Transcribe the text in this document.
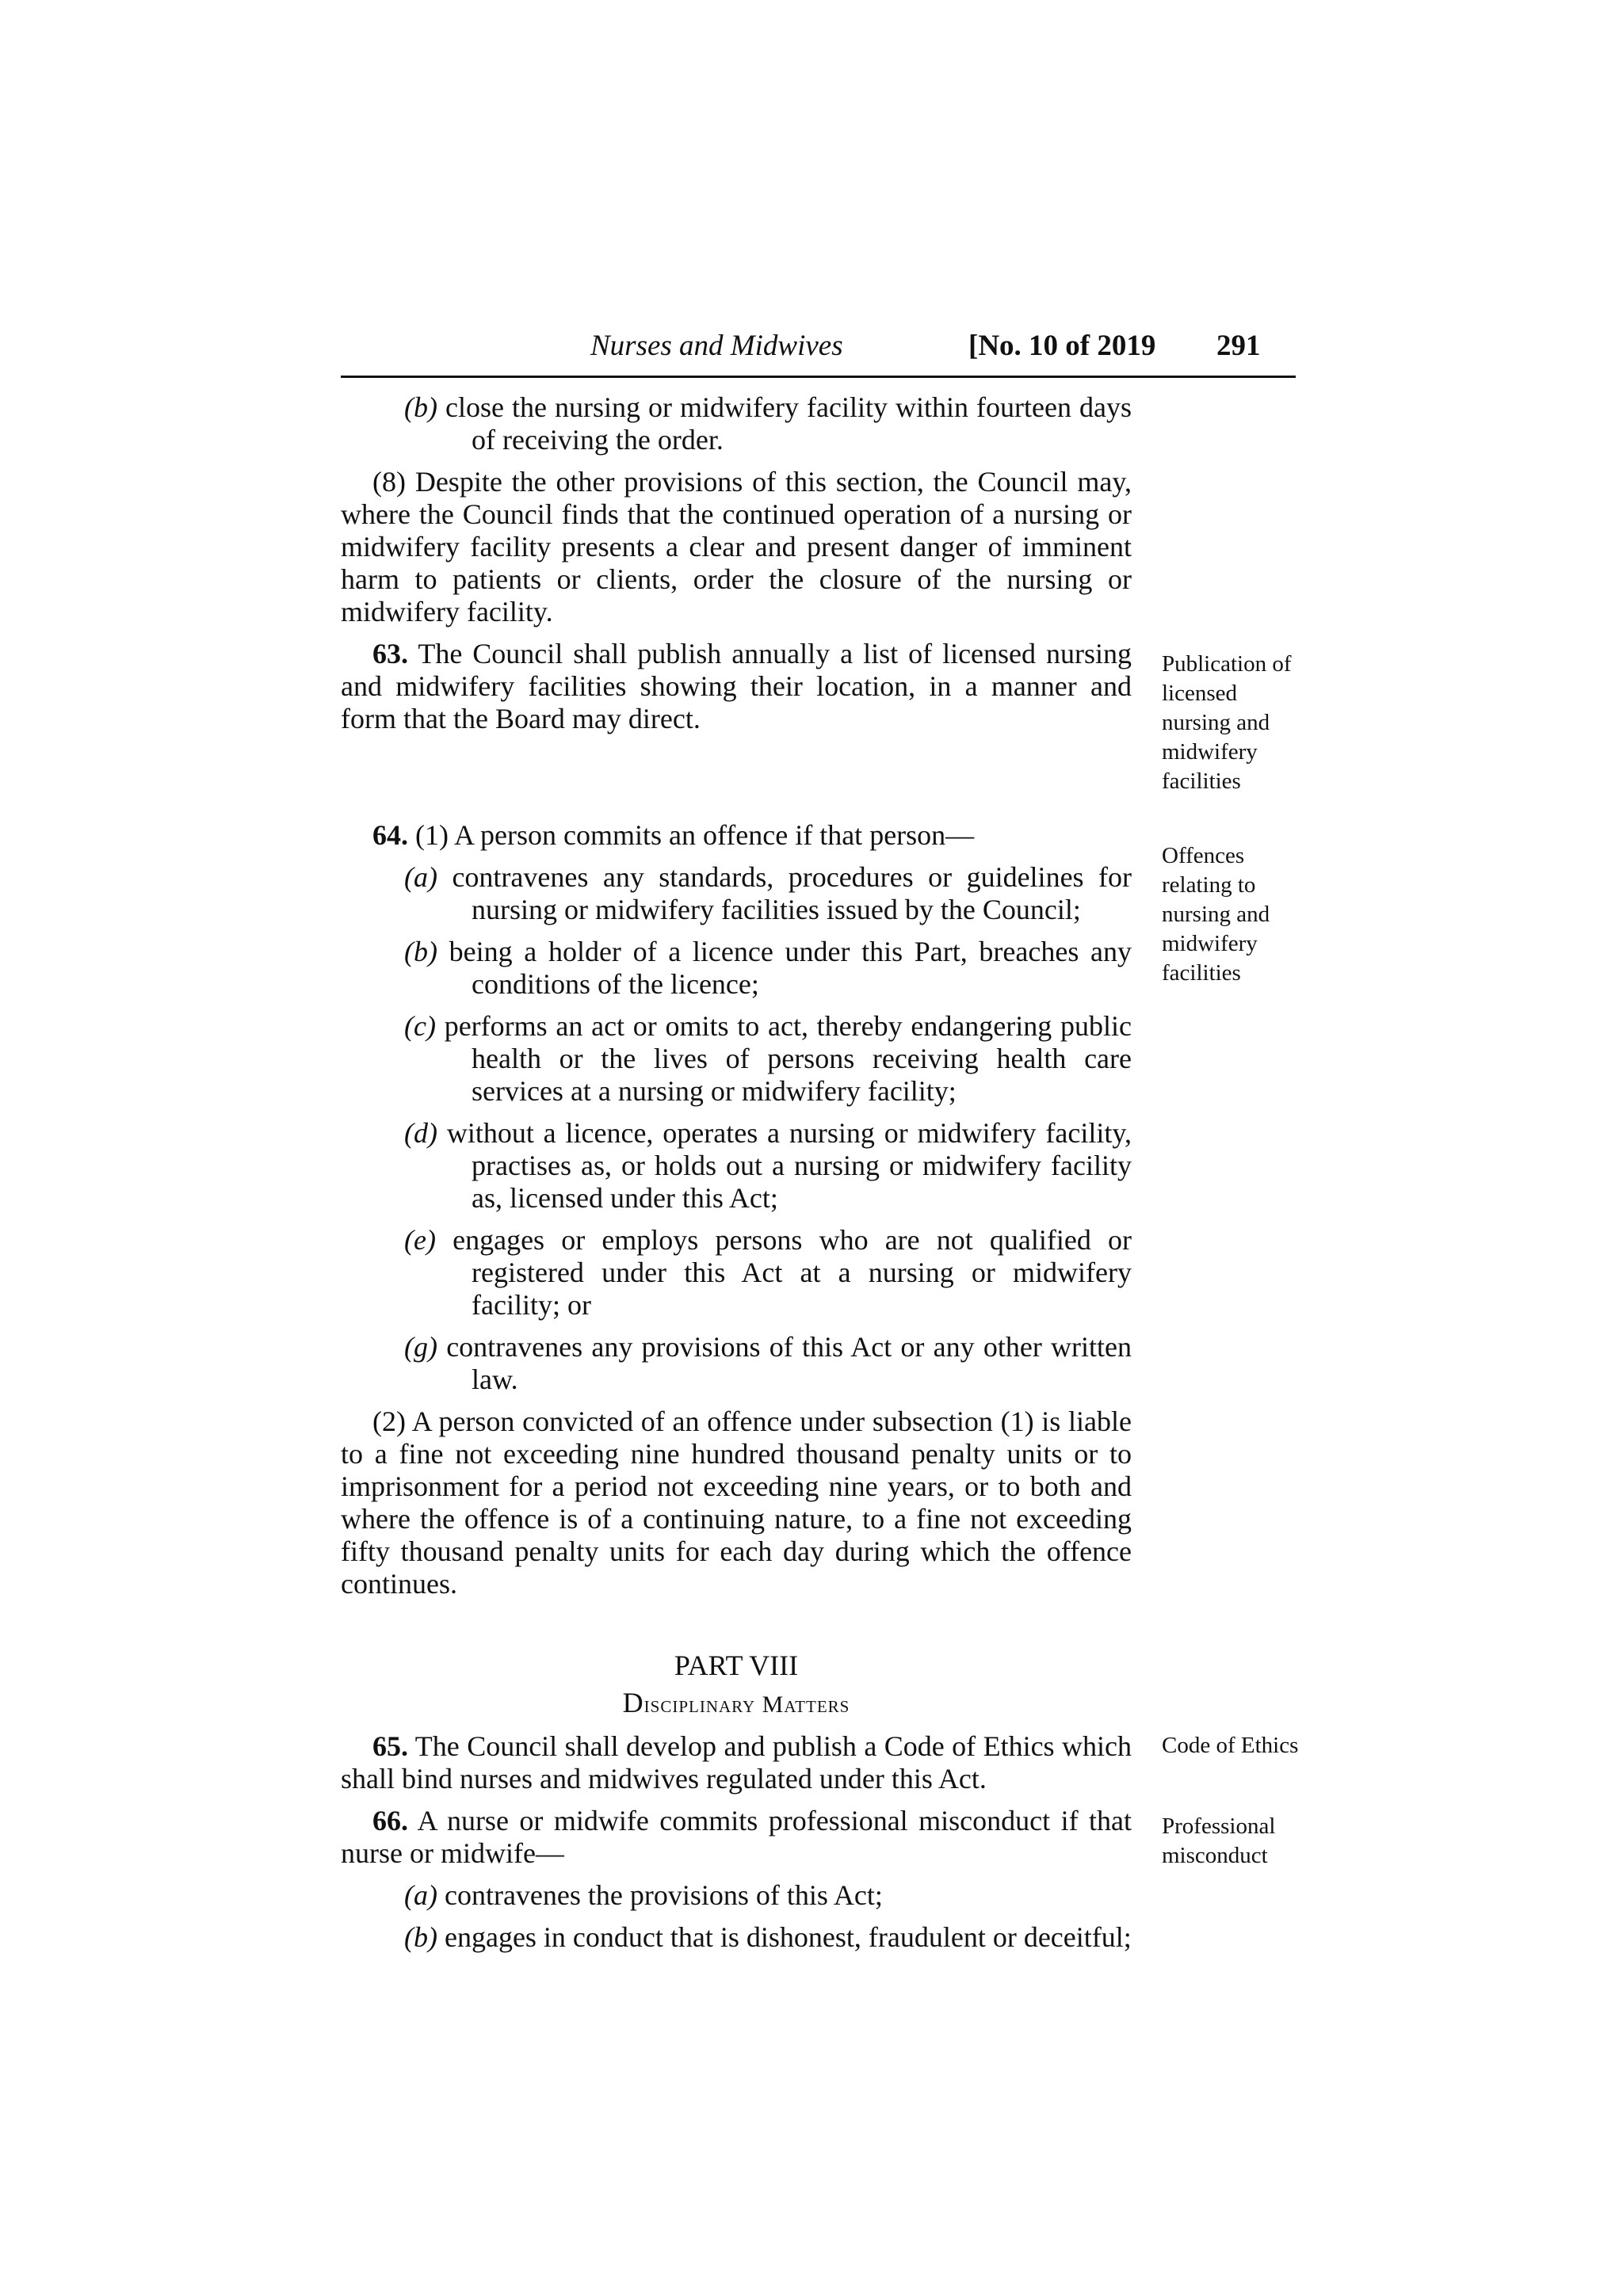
Nurses and Midwives	[No. 10 of 2019 291

(b) close the nursing or midwifery facility within fourteen days of receiving the order.

(8) Despite the other provisions of this section, the Council may, where the Council finds that the continued operation of a nursing or midwifery facility presents a clear and present danger of imminent harm to patients or clients, order the closure of the nursing or midwifery facility.

63. The Council shall publish annually a list of licensed nursing and midwifery facilities showing their location, in a manner and form that the Board may direct.

64. (1) A person commits an offence if that person—

(a) contravenes any standards, procedures or guidelines for nursing or midwifery facilities issued by the Council;

(b) being a holder of a licence under this Part, breaches any conditions of the licence;

(c) performs an act or omits to act, thereby endangering public health or the lives of persons receiving health care services at a nursing or midwifery facility;

(d) without a licence, operates a nursing or midwifery facility, practises as, or holds out a nursing or midwifery facility as, licensed under this Act;

(e) engages or employs persons who are not qualified or registered under this Act at a nursing or midwifery facility; or

(g) contravenes any provisions of this Act or any other written law.

(2) A person convicted of an offence under subsection (1) is liable to a fine not exceeding nine hundred thousand penalty units or to imprisonment for a period not exceeding nine years, or to both and where the offence is of a continuing nature, to a fine not exceeding fifty thousand penalty units for each day during which the offence continues.

PART VIII

Disciplinary Matters

65. The Council shall develop and publish a Code of Ethics which shall bind nurses and midwives regulated under this Act.

66. A nurse or midwife commits professional misconduct if that nurse or midwife—

(a) contravenes the provisions of this Act;

(b) engages in conduct that is dishonest, fraudulent or deceitful;

Publication of licensed nursing and midwifery facilities
Offences relating to nursing and midwifery facilities
Code of Ethics
Professional misconduct
